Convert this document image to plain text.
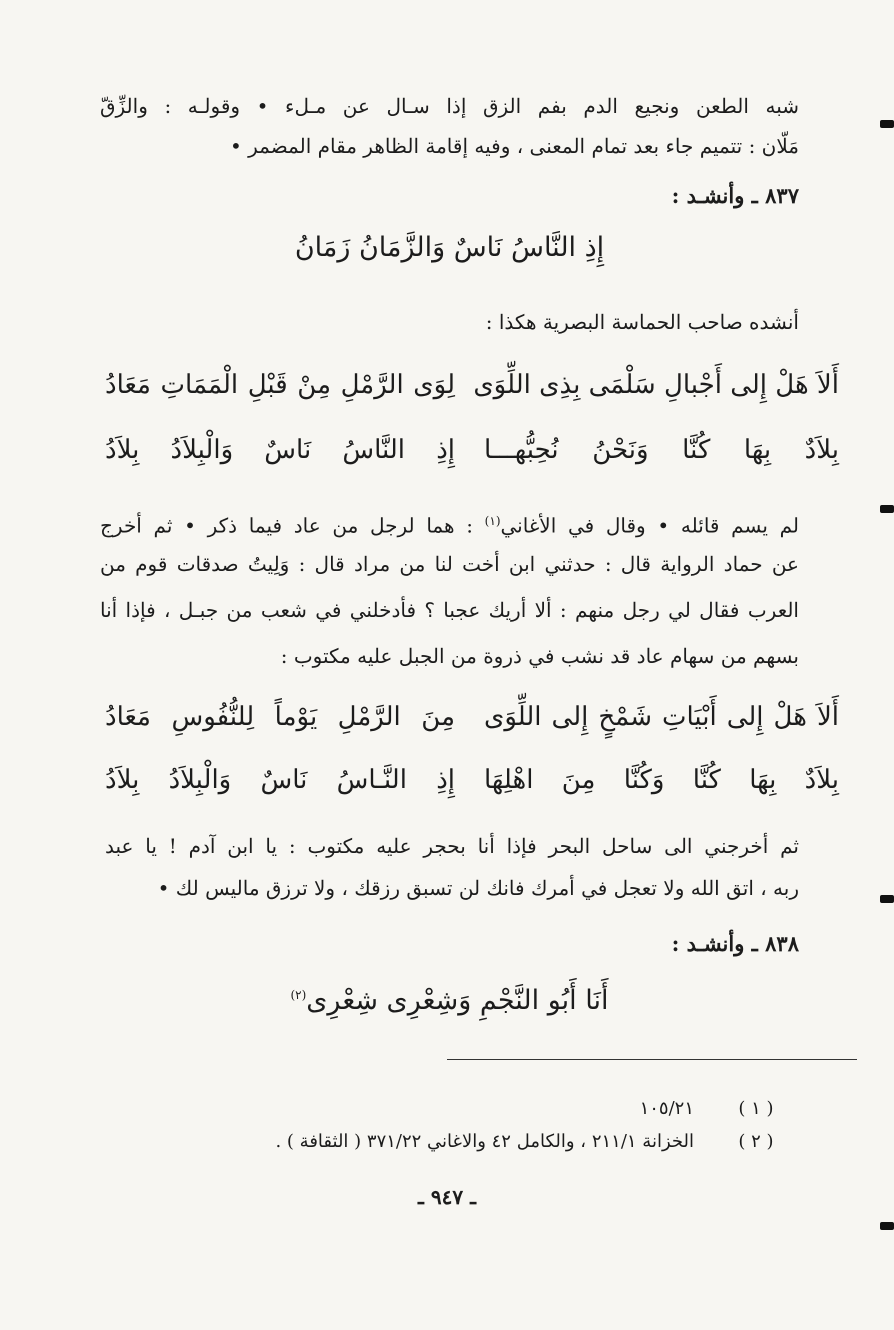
شبه الطعن ونجيع الدم بفم الزق إذا سـال عن مـلء • وقولـه : والزِّقّ
مَلّان : تتميم جاء بعد تمام المعنى ، وفيه إقامة الظاهر مقام المضمر •
٨٣٧ ـ وأنشـد :
إِذِ النَّاسُ نَاسٌ وَالزَّمَانُ زَمَانُ
أنشده صاحب الحماسة البصرية هكذا :
أَلاَ هَلْ إِلى أَجْبالِ سَلْمَى بِذِى اللِّوَى
لِوَى الرَّمْلِ مِنْ قَبْلِ الْمَمَاتِ مَعَادُ
بِلاَدٌ بِهَا كُنَّا وَنَحْنُ نُحِبُّهـــا
إِذِ النَّاسُ نَاسٌ وَالْبِلاَدُ بِلاَدُ
لم يسم قائله • وقال في الأغاني$^{(١)}$ : هما لرجل من عاد فيما ذكر • ثم أخرج
عن حماد الرواية قال : حدثني ابن أخت لنا من مراد قال : وَلِيتُ صدقات قوم من
العرب فقال لي رجل منهم : ألا أريك عجبا ؟ فأدخلني في شعب من جبـل ، فإذا أنا
بسهم من سهام عاد قد نشب في ذروة من الجبل عليه مكتوب :
أَلاَ هَلْ إِلى أَبْيَاتِ شَمْخٍ إِلى اللِّوَى
مِنَ الرَّمْلِ يَوْماً لِلنُّفُوسِ مَعَادُ
بِلاَدٌ بِهَا كُنَّا وَكُنَّا مِنَ اهْلِهَا
إِذِ النَّـاسُ نَاسٌ وَالْبِلاَدُ بِلاَدُ
ثم أخرجني الى ساحل البحر فإذا أنا بحجر عليه مكتوب : يا ابن آدم ! يا عبد
ربه ، اتق الله ولا تعجل في أمرك فانك لن تسبق رزقك ، ولا ترزق ماليس لك •
٨٣٨ ـ وأنشـد :
أَنَا أَبُو النَّجْمِ وَشِعْرِى شِعْرِى$^{(٢)}$
( ١ )
١٠٥/٢١
( ٢ )
الخزانة ٢١١/١ ، والكامل ٤٢ والاغاني ٣٧١/٢٢ ( الثقافة ) .
ـ ٩٤٧ ـ
